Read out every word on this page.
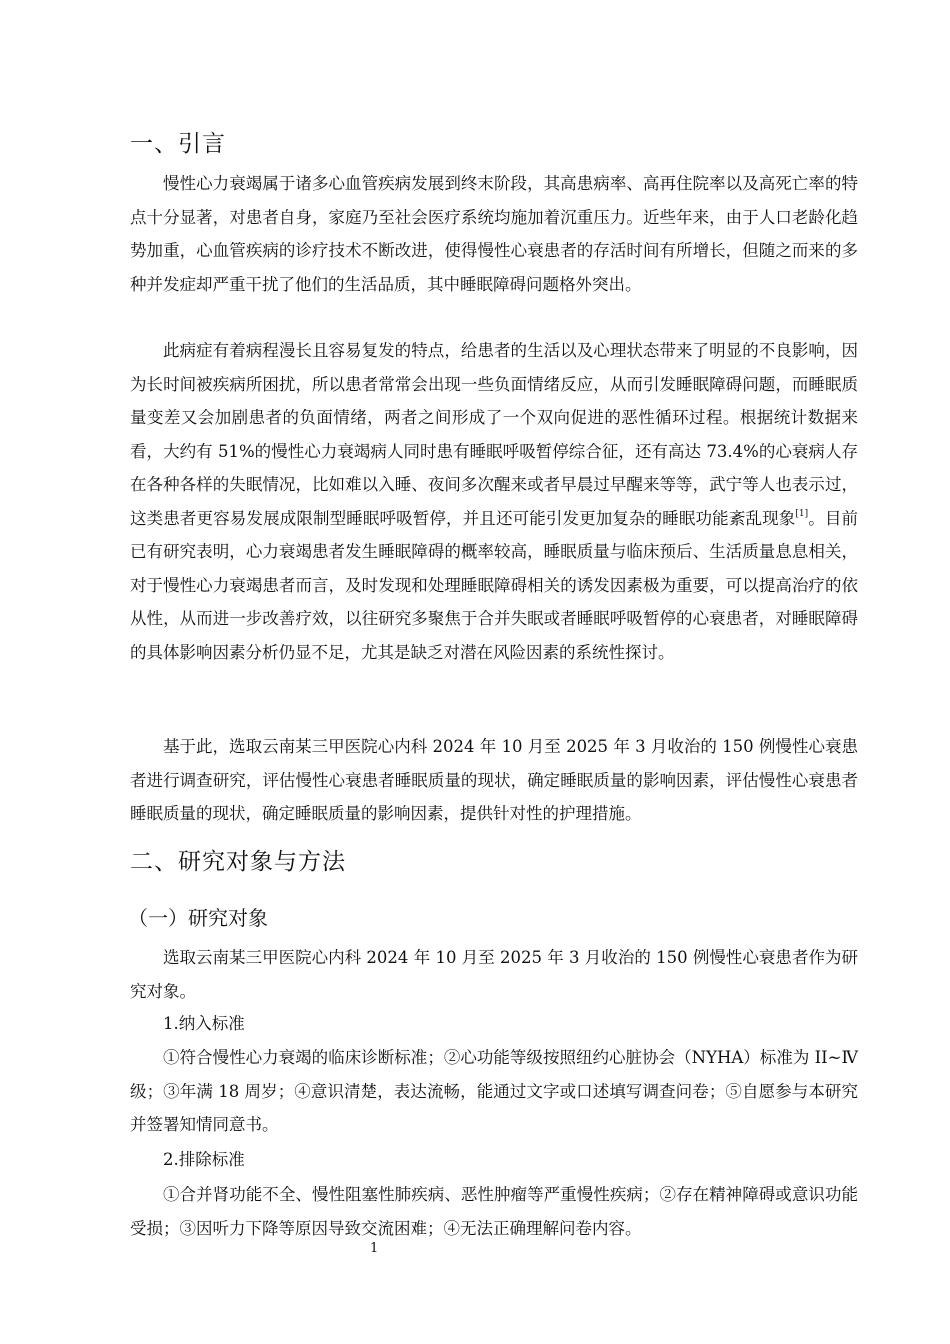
一、引言

慢性心力衰竭属于诸多心血管疾病发展到终末阶段，其高患病率、高再住院率以及高死亡率的特点十分显著，对患者自身，家庭乃至社会医疗系统均施加着沉重压力。近些年来，由于人口老龄化趋势加重，心血管疾病的诊疗技术不断改进，使得慢性心衰患者的存活时间有所增长，但随之而来的多种并发症却严重干扰了他们的生活品质，其中睡眠障碍问题格外突出。

此病症有着病程漫长且容易复发的特点，给患者的生活以及心理状态带来了明显的不良影响，因为长时间被疾病所困扰，所以患者常常会出现一些负面情绪反应，从而引发睡眠障碍问题，而睡眠质量变差又会加剧患者的负面情绪，两者之间形成了一个双向促进的恶性循环过程。根据统计数据来看，大约有 51%的慢性心力衰竭病人同时患有睡眠呼吸暂停综合征，还有高达 73.4%的心衰病人存在各种各样的失眠情况，比如难以入睡、夜间多次醒来或者早晨过早醒来等等，武宁等人也表示过，这类患者更容易发展成限制型睡眠呼吸暂停，并且还可能引发更加复杂的睡眠功能紊乱现象[1]。目前已有研究表明，心力衰竭患者发生睡眠障碍的概率较高，睡眠质量与临床预后、生活质量息息相关，对于慢性心力衰竭患者而言，及时发现和处理睡眠障碍相关的诱发因素极为重要，可以提高治疗的依从性，从而进一步改善疗效，以往研究多聚焦于合并失眠或者睡眠呼吸暂停的心衰患者，对睡眠障碍的具体影响因素分析仍显不足，尤其是缺乏对潜在风险因素的系统性探讨。

基于此，选取云南某三甲医院心内科 2024 年 10 月至 2025 年 3 月收治的 150 例慢性心衰患者进行调查研究，评估慢性心衰患者睡眠质量的现状，确定睡眠质量的影响因素，评估慢性心衰患者睡眠质量的现状，确定睡眠质量的影响因素，提供针对性的护理措施。

二、研究对象与方法
（一）研究对象

选取云南某三甲医院心内科 2024 年 10 月至 2025 年 3 月收治的 150 例慢性心衰患者作为研究对象。

1.纳入标准

①符合慢性心力衰竭的临床诊断标准；②心功能等级按照纽约心脏协会（NYHA）标准为 II~Ⅳ级；③年满 18 周岁；④意识清楚，表达流畅，能通过文字或口述填写调查问卷；⑤自愿参与本研究并签署知情同意书。

2.排除标准

①合并肾功能不全、慢性阻塞性肺疾病、恶性肿瘤等严重慢性疾病；②存在精神障碍或意识功能受损；③因听力下降等原因导致交流困难；④无法正确理解问卷内容。

1
